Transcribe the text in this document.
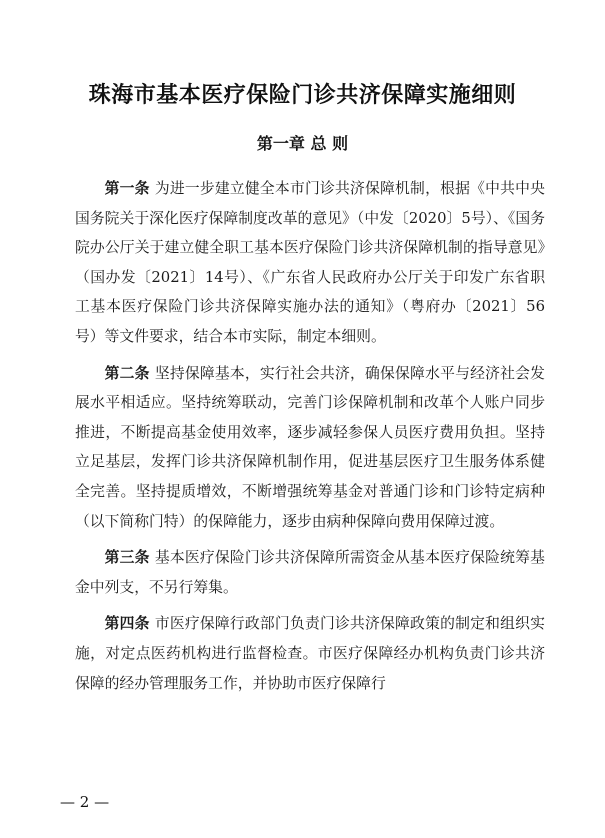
珠海市基本医疗保险门诊共济保障实施细则
第一章 总 则

第一条 为进一步建立健全本市门诊共济保障机制，根据《中共中央 国务院关于深化医疗保障制度改革的意见》（中发〔2020〕5号）、《国务院办公厅关于建立健全职工基本医疗保险门诊共济保障机制的指导意见》（国办发〔2021〕14号）、《广东省人民政府办公厅关于印发广东省职工基本医疗保险门诊共济保障实施办法的通知》（粤府办〔2021〕56号）等文件要求，结合本市实际，制定本细则。

第二条 坚持保障基本，实行社会共济，确保保障水平与经济社会发展水平相适应。坚持统筹联动，完善门诊保障机制和改革个人账户同步推进，不断提高基金使用效率，逐步减轻参保人员医疗费用负担。坚持立足基层，发挥门诊共济保障机制作用，促进基层医疗卫生服务体系健全完善。坚持提质增效，不断增强统筹基金对普通门诊和门诊特定病种（以下简称门特）的保障能力，逐步由病种保障向费用保障过渡。

第三条 基本医疗保险门诊共济保障所需资金从基本医疗保险统筹基金中列支，不另行筹集。

第四条 市医疗保障行政部门负责门诊共济保障政策的制定和组织实施，对定点医药机构进行监督检查。市医疗保障经办机构负责门诊共济保障的经办管理服务工作，并协助市医疗保障行

— 2 —
